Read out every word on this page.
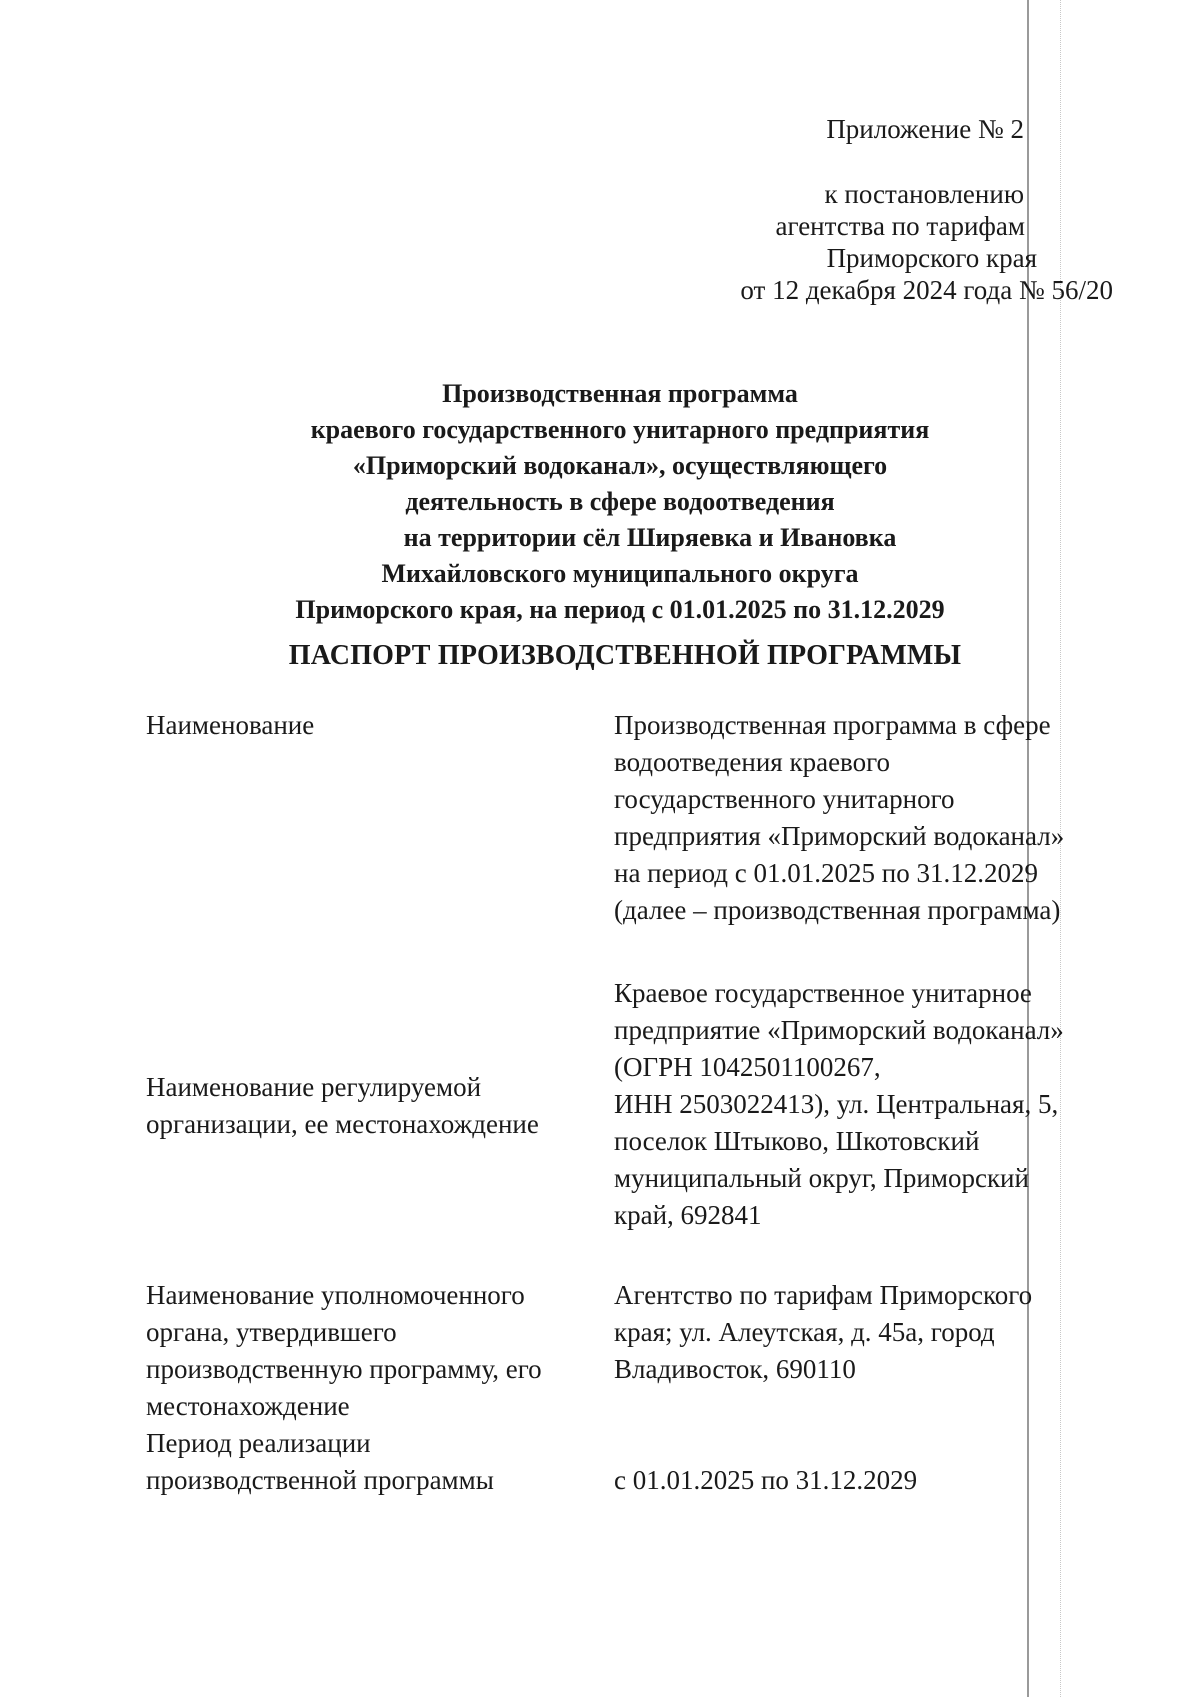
Приложение № 2
к постановлению
агентства по тарифам
Приморского края
от 12 декабря 2024 года № 56/20
Производственная программа
краевого государственного унитарного предприятия
«Приморский водоканал», осуществляющего
деятельность в сфере водоотведения
на территории сёл Ширяевка и Ивановка
Михайловского муниципального округа
Приморского края, на период с 01.01.2025 по 31.12.2029
ПАСПОРТ ПРОИЗВОДСТВЕННОЙ ПРОГРАММЫ
Наименование	Производственная программа в сфере
водоотведения краевого
государственного унитарного
предприятия «Приморский водоканал»
на период с 01.01.2025 по 31.12.2029
(далее – производственная программа)
Наименование регулируемой
организации, ее местонахождение
Краевое государственное унитарное
предприятие «Приморский водоканал»
(ОГРН 1042501100267,
ИНН 2503022413), ул. Центральная, 5,
поселок Штыково, Шкотовский
муниципальный округ, Приморский
край, 692841
Наименование уполномоченного
органа, утвердившего
производственную программу, его
местонахождение
Агентство по тарифам Приморского
края; ул. Алеутская, д. 45а, город
Владивосток, 690110
Период реализации
производственной программы	с 01.01.2025 по 31.12.2029
